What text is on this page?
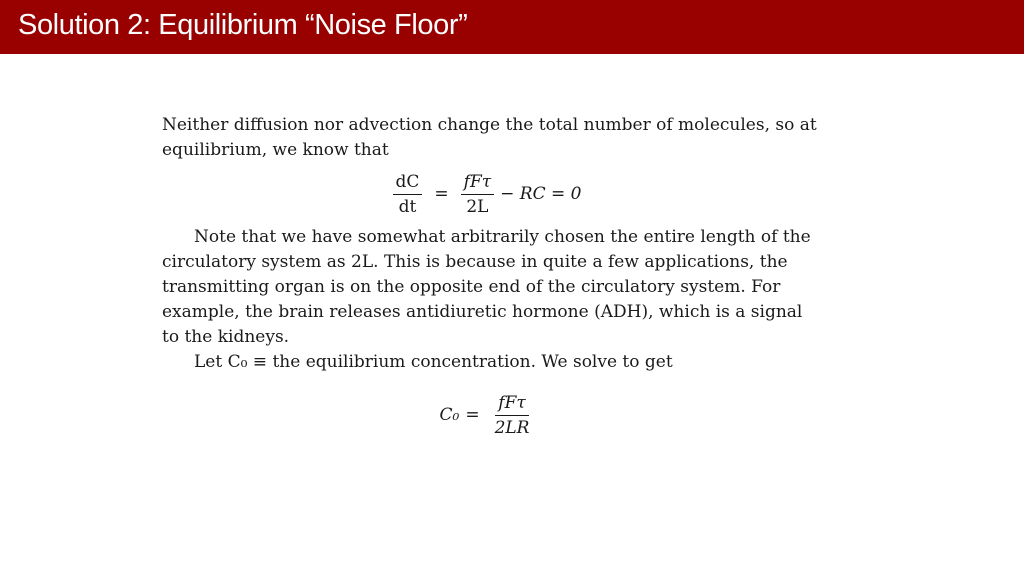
Solution 2: Equilibrium “Noise Floor”
Neither diffusion nor advection change the total number of molecules, so at
equilibrium, we know that
$\frac{dC}{dt} = \frac{\text{fFτ}}{2L}$ − RC = 0
Note that we have somewhat arbitrarily chosen the entire length of the
circulatory system as 2L. This is because in quite a few applications, the
transmitting organ is on the opposite end of the circulatory system. For
example, the brain releases antidiuretic hormone (ADH), which is a signal
to the kidneys.
Let C₀ ≡ the equilibrium concentration. We solve to get
$C_0 = \frac{\text{fFτ}}{2LR}$
